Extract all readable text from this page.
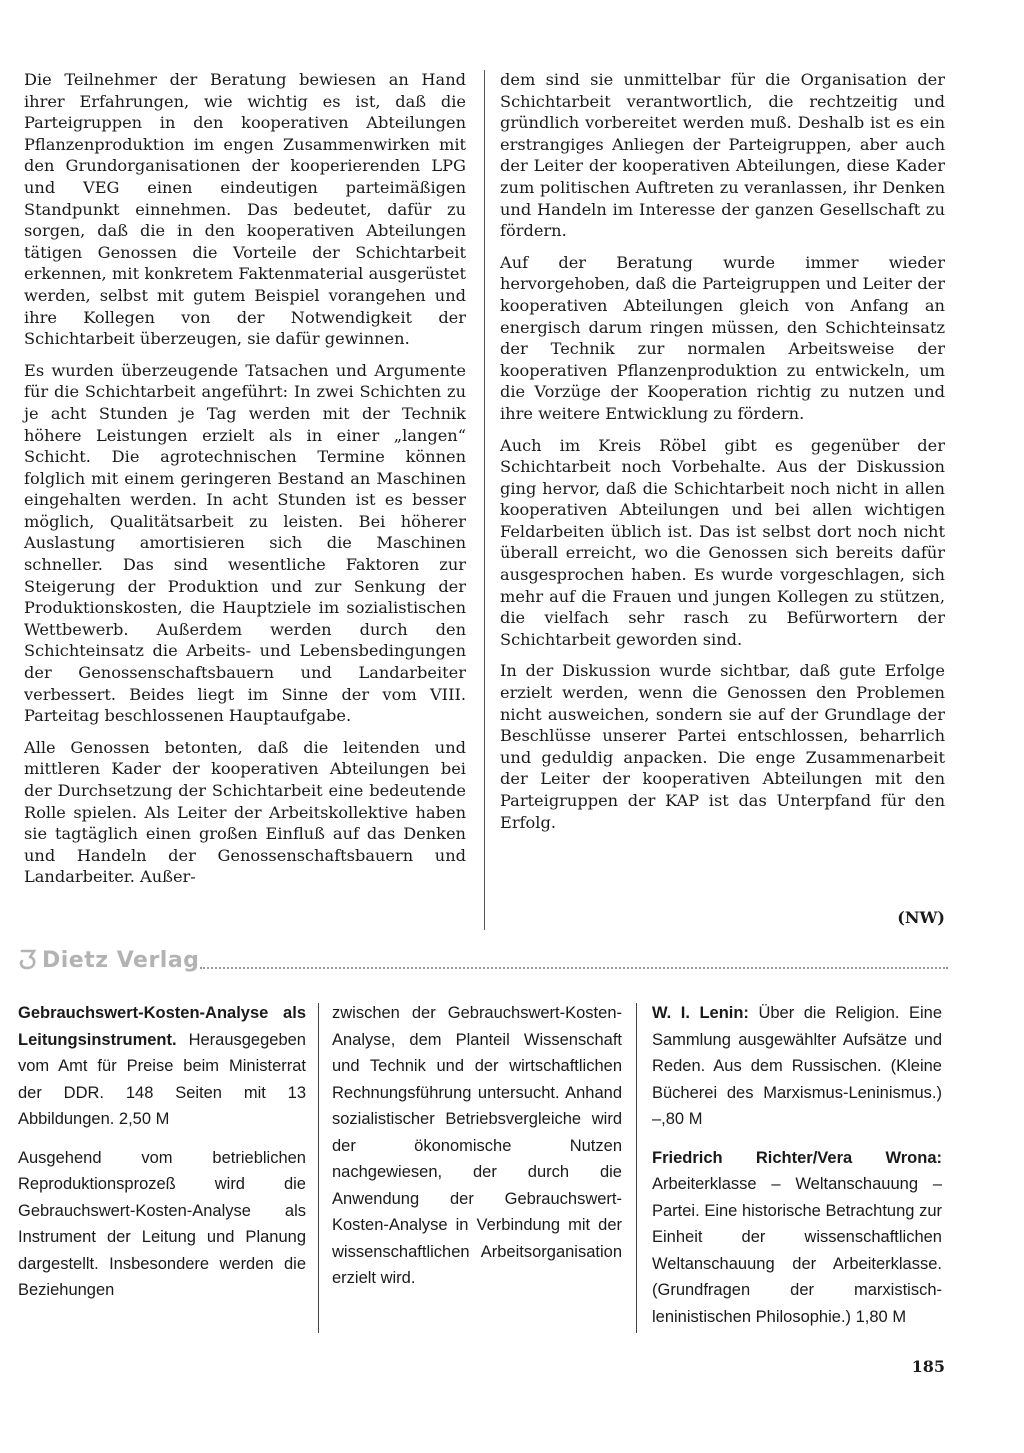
Die Teilnehmer der Beratung bewiesen an Hand ihrer Erfahrungen, wie wichtig es ist, daß die Parteigruppen in den kooperativen Abteilungen Pflanzenproduktion im engen Zusammenwirken mit den Grundorganisationen der kooperierenden LPG und VEG einen eindeutigen parteimäßigen Standpunkt einnehmen. Das bedeutet, dafür zu sorgen, daß die in den kooperativen Abteilungen tätigen Genossen die Vorteile der Schichtarbeit erkennen, mit konkretem Faktenmaterial ausgerüstet werden, selbst mit gutem Beispiel vorangehen und ihre Kollegen von der Notwendigkeit der Schichtarbeit überzeugen, sie dafür gewinnen.

Es wurden überzeugende Tatsachen und Argumente für die Schichtarbeit angeführt: In zwei Schichten zu je acht Stunden je Tag werden mit der Technik höhere Leistungen erzielt als in einer „langen“ Schicht. Die agrotechnischen Termine können folglich mit einem geringeren Bestand an Maschinen eingehalten werden. In acht Stunden ist es besser möglich, Qualitätsarbeit zu leisten. Bei höherer Auslastung amortisieren sich die Maschinen schneller. Das sind wesentliche Faktoren zur Steigerung der Produktion und zur Senkung der Produktionskosten, die Hauptziele im sozialistischen Wettbewerb. Außerdem werden durch den Schichteinsatz die Arbeits- und Lebensbedingungen der Genossenschaftsbauern und Landarbeiter verbessert. Beides liegt im Sinne der vom VIII. Parteitag beschlossenen Hauptaufgabe.

Alle Genossen betonten, daß die leitenden und mittleren Kader der kooperativen Abteilungen bei der Durchsetzung der Schichtarbeit eine bedeutende Rolle spielen. Als Leiter der Arbeitskollektive haben sie tagtäglich einen großen Einfluß auf das Denken und Handeln der Genossenschaftsbauern und Landarbeiter. Außer-

dem sind sie unmittelbar für die Organisation der Schichtarbeit verantwortlich, die rechtzeitig und gründlich vorbereitet werden muß. Deshalb ist es ein erstrangiges Anliegen der Parteigruppen, aber auch der Leiter der kooperativen Abteilungen, diese Kader zum politischen Auftreten zu veranlassen, ihr Denken und Handeln im Interesse der ganzen Gesellschaft zu fördern.

Auf der Beratung wurde immer wieder hervorgehoben, daß die Parteigruppen und Leiter der kooperativen Abteilungen gleich von Anfang an energisch darum ringen müssen, den Schichteinsatz der Technik zur normalen Arbeitsweise der kooperativen Pflanzenproduktion zu entwickeln, um die Vorzüge der Kooperation richtig zu nutzen und ihre weitere Entwicklung zu fördern.

Auch im Kreis Röbel gibt es gegenüber der Schichtarbeit noch Vorbehalte. Aus der Diskussion ging hervor, daß die Schichtarbeit noch nicht in allen kooperativen Abteilungen und bei allen wichtigen Feldarbeiten üblich ist. Das ist selbst dort noch nicht überall erreicht, wo die Genossen sich bereits dafür ausgesprochen haben. Es wurde vorgeschlagen, sich mehr auf die Frauen und jungen Kollegen zu stützen, die vielfach sehr rasch zu Befürwortern der Schichtarbeit geworden sind.

In der Diskussion wurde sichtbar, daß gute Erfolge erzielt werden, wenn die Genossen den Problemen nicht ausweichen, sondern sie auf der Grundlage der Beschlüsse unserer Partei entschlossen, beharrlich und geduldig anpacken. Die enge Zusammenarbeit der Leiter der kooperativen Abteilungen mit den Parteigruppen der KAP ist das Unterpfand für den Erfolg.

(NW)
Dietz Verlag

Gebrauchswert-Kosten-Analyse als Leitungsinstrument. Herausgegeben vom Amt für Preise beim Ministerrat der DDR. 148 Seiten mit 13 Abbildungen. 2,50 M

Ausgehend vom betrieblichen Reproduktionsprozeß wird die Gebrauchswert-Kosten-Analyse als Instrument der Leitung und Planung dargestellt. Insbesondere werden die Beziehungen

zwischen der Gebrauchswert-Kosten-Analyse, dem Planteil Wissenschaft und Technik und der wirtschaftlichen Rechnungsführung untersucht. Anhand sozialistischer Betriebsvergleiche wird der ökonomische Nutzen nachgewiesen, der durch die Anwendung der Gebrauchswert-Kosten-Analyse in Verbindung mit der wissenschaftlichen Arbeitsorganisation erzielt wird.

W. I. Lenin: Über die Religion. Eine Sammlung ausgewählter Aufsätze und Reden. Aus dem Russischen. (Kleine Bücherei des Marxismus-Leninismus.) –,80 M

Friedrich Richter/Vera Wrona: Arbeiterklasse – Weltanschauung – Partei. Eine historische Betrachtung zur Einheit der wissenschaftlichen Weltanschauung der Arbeiterklasse. (Grundfragen der marxistisch-leninistischen Philosophie.) 1,80 M

185
